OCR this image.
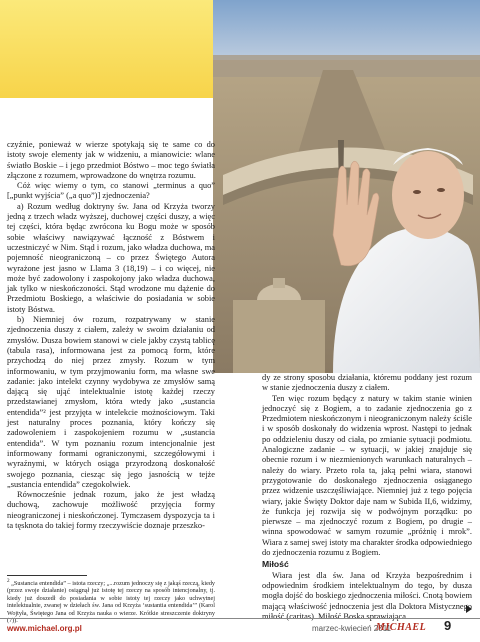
czyźnie, ponieważ w wierze spotykają się te same co do istoty swoje elementy jak w widzeniu, a mianowicie: wlane światło Boskie – i jego przedmiot Bóstwo – moc tego światła złączone z rozumem, wprowadzone do wnętrza rozumu.

Cóż więc wiemy o tym, co stanowi „terminus a quo” [„punkt wyjścia” („a quo”)] zjednoczenia?

a) Rozum według doktryny św. Jana od Krzyża tworzy jedną z trzech władz wyższej, duchowej części duszy, a więc tej części, która będąc zwrócona ku Bogu może w sposób sobie właściwy nawiązywać łączność z Bóstwem i uczestniczyć w Nim. Stąd i rozum, jako władza duchowa, ma pojemność nieograniczoną – co przez Świętego Autora wyrażone jest jasno w Llama 3 (18,19) – i co więcej, nie może być zadowolony i zaspokojony jako władza duchowa, jak tylko w nieskończoności. Stąd wrodzone mu dążenie do Przedmiotu Boskiego, a właściwie do posiadania w sobie istoty Bóstwa.

b) Niemniej ów rozum, rozpatrywany w stanie zjednoczenia duszy z ciałem, zależy w swoim działaniu od zmysłów. Dusza bowiem stanowi w ciele jakby czystą tablicę (tabula rasa), informowana jest za pomocą form, które przychodzą do niej przez zmysły. Rozum w tym informowaniu, w tym przyjmowaniu form, ma własne swe zadanie: jako intelekt czynny wydobywa ze zmysłów samą dającą się ująć intelektualnie istotę każdej rzeczy przedstawianej zmysłom, która wtedy jako „sustancia entendida”² jest przyjęta w intelekcie możnościowym. Taki jest naturalny proces poznania, który kończy się zadowoleniem i zaspokojeniem rozumu w „sustancia entendida”. W tym poznaniu rozum intencjonalnie jest informowany formami ograniczonymi, szczegółowymi i wyraźnymi, w których osiąga przyrodzoną doskonałość swojego poznania, ciesząc się jego jasnością w tejże „sustancia entendida” czegokolwiek.

Równocześnie jednak rozum, jako że jest władzą duchową, zachowuje możliwość przyjęcia formy nieograniczonej i nieskończonej. Tymczasem dyspozycja ta i ta tęsknota do takiej formy rzeczywiście doznaje przeszko-

$^2$ „Sustancia entendida” – istota rzeczy; „...rozum jednoczy się z jakąś rzeczą, kiedy (przez swoje działanie) osiągnął już istotę tej rzeczy na sposób intencjonalny, tj. kiedy już doszedł do posiadania w sobie istoty tej rzeczy jako uchwytnej intelektualnie, zwanej w dziełach św. Jana od Krzyża ‘sustantia entendida’” (Karol Wojtyła, Świętego Jana od Krzyża nauka o wierze. Krótkie streszczenie doktryny (7)).

dy ze strony sposobu działania, któremu poddany jest rozum w stanie zjednoczenia duszy z ciałem.

Ten więc rozum będący z natury w takim stanie winien jednoczyć się z Bogiem, a to zadanie zjednoczenia go z Przedmiotem nieskończonym i nieograniczonym należy ściśle i w sposób doskonały do widzenia wprost. Następi to jednak po oddzieleniu duszy od ciała, po zmianie sytuacji podmiotu. Analogiczne zadanie – w sytuacji, w jakiej znajduje się obecnie rozum i w niezmienionych warunkach naturalnych – należy do wiary. Przeto rola ta, jaką pełni wiara, stanowi przygotowanie do doskonałego zjednoczenia osiąganego przez widzenie uszczęśliwiające. Niemniej już z tego pojęcia wiary, jakie Święty Doktor daje nam w Subida II,6, widzimy, że funkcja jej rozwija się w podwójnym porządku: po pierwsze – ma zjednoczyć rozum z Bogiem, po drugie – winna spowodować w samym rozumie „próżnię i mrok”. Wiara z samej swej istoty ma charakter środka odpowiedniego do zjednoczenia rozumu z Bogiem.

Miłość

Wiara jest dla św. Jana od Krzyża bezpośrednim i odpowiednim środkiem intelektualnym do tego, by dusza mogła dojść do boskiego zjednoczenia miłości. Cnotą bowiem mającą właściwość jednoczenia jest dla Doktora Mistycznego miłość (caritas). Miłość Boska sprawiająca

www.michael.org.pl	marzec-kwiecień 2011
MICHAEL 9
